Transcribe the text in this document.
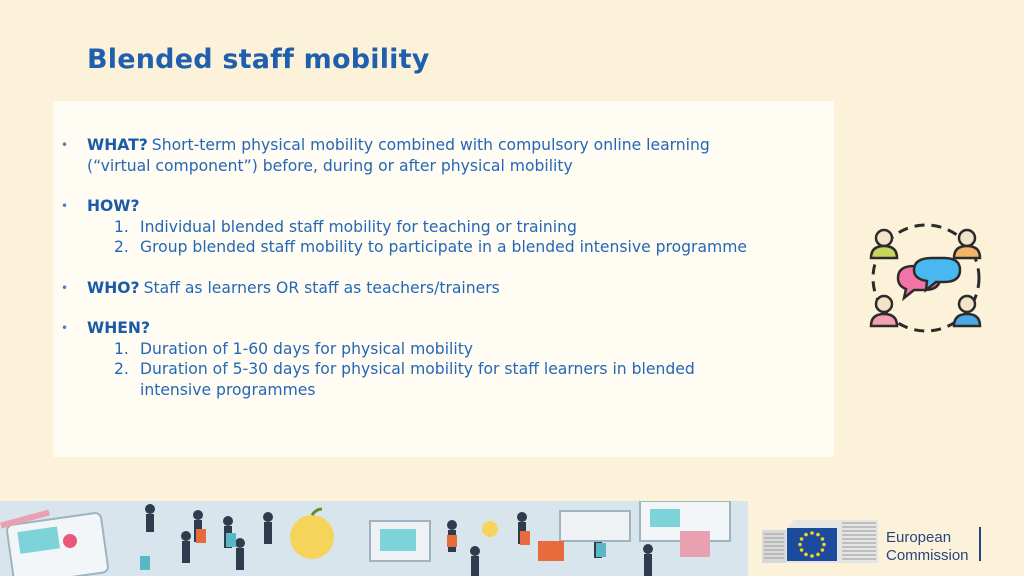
Blended staff mobility
• WHAT? Short-term physical mobility combined with compulsory online learning
(“virtual component”) before, during or after physical mobility
• HOW?
1. Individual blended staff mobility for teaching or training
2. Group blended staff mobility to participate in a blended intensive programme
• WHO? Staff as learners OR staff as teachers/trainers
• WHEN?
1. Duration of 1-60 days for physical mobility
2. Duration of 5-30 days for physical mobility for staff learners in blended
intensive programmes
European
Commission
